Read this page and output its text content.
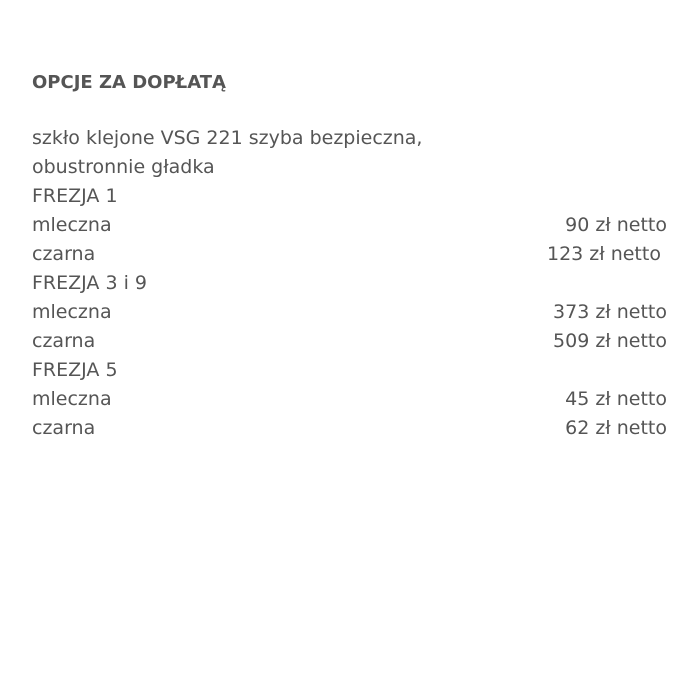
OPCJE ZA DOPŁATĄ
szkło klejone VSG 221 szyba bezpieczna,
obustronnie gładka
FREZJA 1
mleczna	90 zł netto
czarna	123 zł netto
FREZJA 3 i 9
mleczna	373 zł netto
czarna	509 zł netto
FREZJA 5
mleczna	45 zł netto
czarna	62 zł netto
